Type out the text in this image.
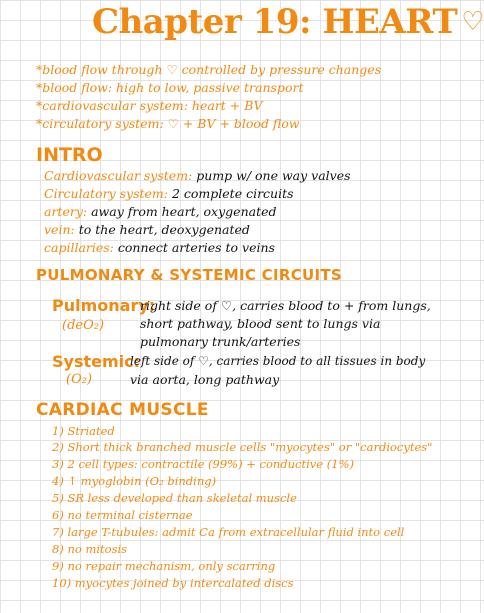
Chapter 19: HEART ♡
*blood flow through ♡ controlled by pressure changes
*blood flow: high to low, passive transport
*cardiovascular system: heart + BV
*circulatory system: ♡ + BV + blood flow
INTRO
Cardiovascular system: pump w/ one way valves
Circulatory system: 2 complete circuits
artery: away from heart, oxygenated
vein: to the heart, deoxygenated
capillaries: connect arteries to veins
PULMONARY & SYSTEMIC CIRCUITS
Pulmonary:
(deO₂)
right side of ♡, carries blood to + from lungs,
short pathway, blood sent to lungs via
pulmonary trunk/arteries
Systemic:
(O₂)
left side of ♡, carries blood to all tissues in body
via aorta, long pathway
CARDIAC MUSCLE
1) Striated
2) Short thick branched muscle cells "myocytes" or "cardiocytes"
3) 2 cell types: contractile (99%) + conductive (1%)
4) ↑ myoglobin (O₂ binding)
5) SR less developed than skeletal muscle
6) no terminal cisternae
7) large T-tubules: admit Ca from extracellular fluid into cell
8) no mitosis
9) no repair mechanism, only scarring
10) myocytes joined by intercalated discs
